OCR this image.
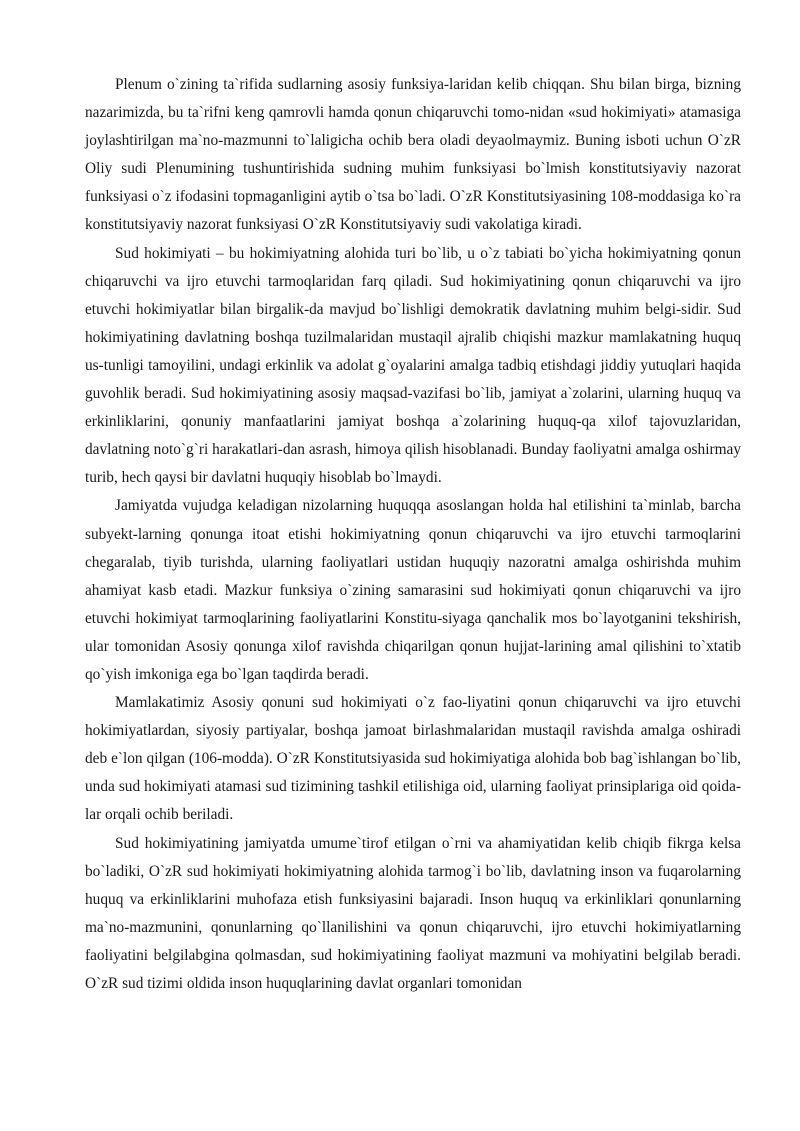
Plenum o`zining ta`rifida sudlarning asosiy funksiya-laridan kelib chiqqan. Shu bilan birga, bizning nazarimizda, bu ta`rifni keng qamrovli hamda qonun chiqaruvchi tomo-nidan «sud hokimiyati» atamasiga joylashtirilgan ma`no-mazmunni to`laligicha ochib bera oladi deyaolmaymiz. Buning isboti uchun O`zR Oliy sudi Plenumining tushuntirishida sudning muhim funksiyasi bo`lmish konstitutsiyaviy nazorat funksiyasi o`z ifodasini topmaganligini aytib o`tsa bo`ladi. O`zR Konstitutsiyasining 108-moddasiga ko`ra konstitutsiyaviy nazorat funksiyasi O`zR Konstitutsiyaviy sudi vakolatiga kiradi.

Sud hokimiyati – bu hokimiyatning alohida turi bo`lib, u o`z tabiati bo`yicha hokimiyatning qonun chiqaruvchi va ijro etuvchi tarmoqlaridan farq qiladi. Sud hokimiyatining qonun chiqaruvchi va ijro etuvchi hokimiyatlar bilan birgalik-da mavjud bo`lishligi demokratik davlatning muhim belgi-sidir. Sud hokimiyatining davlatning boshqa tuzilmalaridan mustaqil ajralib chiqishi mazkur mamlakatning huquq us-tunligi tamoyilini, undagi erkinlik va adolat g`oyalarini amalga tadbiq etishdagi jiddiy yutuqlari haqida guvohlik beradi. Sud hokimiyatining asosiy maqsad-vazifasi bo`lib, jamiyat a`zolarini, ularning huquq va erkinliklarini, qonuniy manfaatlarini jamiyat boshqa a`zolarining huquq-qa xilof tajovuzlaridan, davlatning noto`g`ri harakatlari-dan asrash, himoya qilish hisoblanadi. Bunday faoliyatni amalga oshirmay turib, hech qaysi bir davlatni huquqiy hisoblab bo`lmaydi.

Jamiyatda vujudga keladigan nizolarning huquqqa asoslangan holda hal etilishini ta`minlab, barcha subyekt-larning qonunga itoat etishi hokimiyatning qonun chiqaruvchi va ijro etuvchi tarmoqlarini chegaralab, tiyib turishda, ularning faoliyatlari ustidan huquqiy nazoratni amalga oshirishda muhim ahamiyat kasb etadi. Mazkur funksiya o`zining samarasini sud hokimiyati qonun chiqaruvchi va ijro etuvchi hokimiyat tarmoqlarining faoliyatlarini Konstitu-siyaga qanchalik mos bo`layotganini tekshirish, ular tomonidan Asosiy qonunga xilof ravishda chiqarilgan qonun hujjat-larining amal qilishini to`xtatib qo`yish imkoniga ega bo`lgan taqdirda beradi.

Mamlakatimiz Asosiy qonuni sud hokimiyati o`z fao-liyatini qonun chiqaruvchi va ijro etuvchi hokimiyatlardan, siyosiy partiyalar, boshqa jamoat birlashmalaridan mustaqil ravishda amalga oshiradi deb e`lon qilgan (106-modda). O`zR Konstitutsiyasida sud hokimiyatiga alohida bob bag`ishlangan bo`lib, unda sud hokimiyati atamasi sud tizimining tashkil etilishiga oid, ularning faoliyat prinsiplariga oid qoida-lar orqali ochib beriladi.

Sud hokimiyatining jamiyatda umume`tirof etilgan o`rni va ahamiyatidan kelib chiqib fikrga kelsa bo`ladiki, O`zR sud hokimiyati hokimiyatning alohida tarmog`i bo`lib, davlatning inson va fuqarolarning huquq va erkinliklarini muhofaza etish funksiyasini bajaradi. Inson huquq va erkinliklari qonunlarning ma`no-mazmunini, qonunlarning qo`llanilishini va qonun chiqaruvchi, ijro etuvchi hokimiyatlarning faoliyatini belgilabgina qolmasdan, sud hokimiyatining faoliyat mazmuni va mohiyatini belgilab beradi. O`zR sud tizimi oldida inson huquqlarining davlat organlari tomonidan
